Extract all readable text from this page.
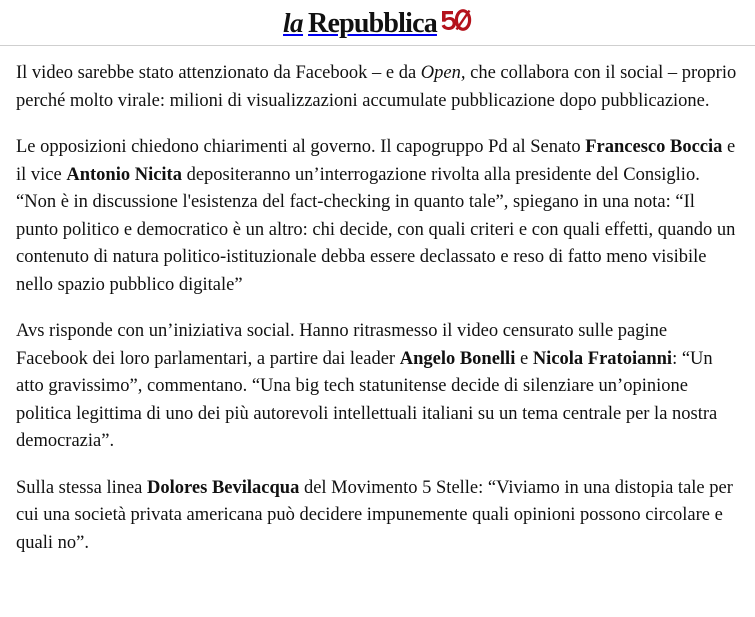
la Repubblica

Il video sarebbe stato attenzionato da Facebook – e da Open, che collabora con il social – proprio perché molto virale: milioni di visualizzazioni accumulate pubblicazione dopo pubblicazione.

Le opposizioni chiedono chiarimenti al governo. Il capogruppo Pd al Senato Francesco Boccia e il vice Antonio Nicita depositeranno un’interrogazione rivolta alla presidente del Consiglio. “Non è in discussione l'esistenza del fact-checking in quanto tale”, spiegano in una nota: “Il punto politico e democratico è un altro: chi decide, con quali criteri e con quali effetti, quando un contenuto di natura politico-istituzionale debba essere declassato e reso di fatto meno visibile nello spazio pubblico digitale”

Avs risponde con un’iniziativa social. Hanno ritrasmesso il video censurato sulle pagine Facebook dei loro parlamentari, a partire dai leader Angelo Bonelli e Nicola Fratoianni: “Un atto gravissimo”, commentano. “Una big tech statunitense decide di silenziare un’opinione politica legittima di uno dei più autorevoli intellettuali italiani su un tema centrale per la nostra democrazia”.

Sulla stessa linea Dolores Bevilacqua del Movimento 5 Stelle: “Viviamo in una distopia tale per cui una società privata americana può decidere impunemente quali opinioni possono circolare e quali no”.
